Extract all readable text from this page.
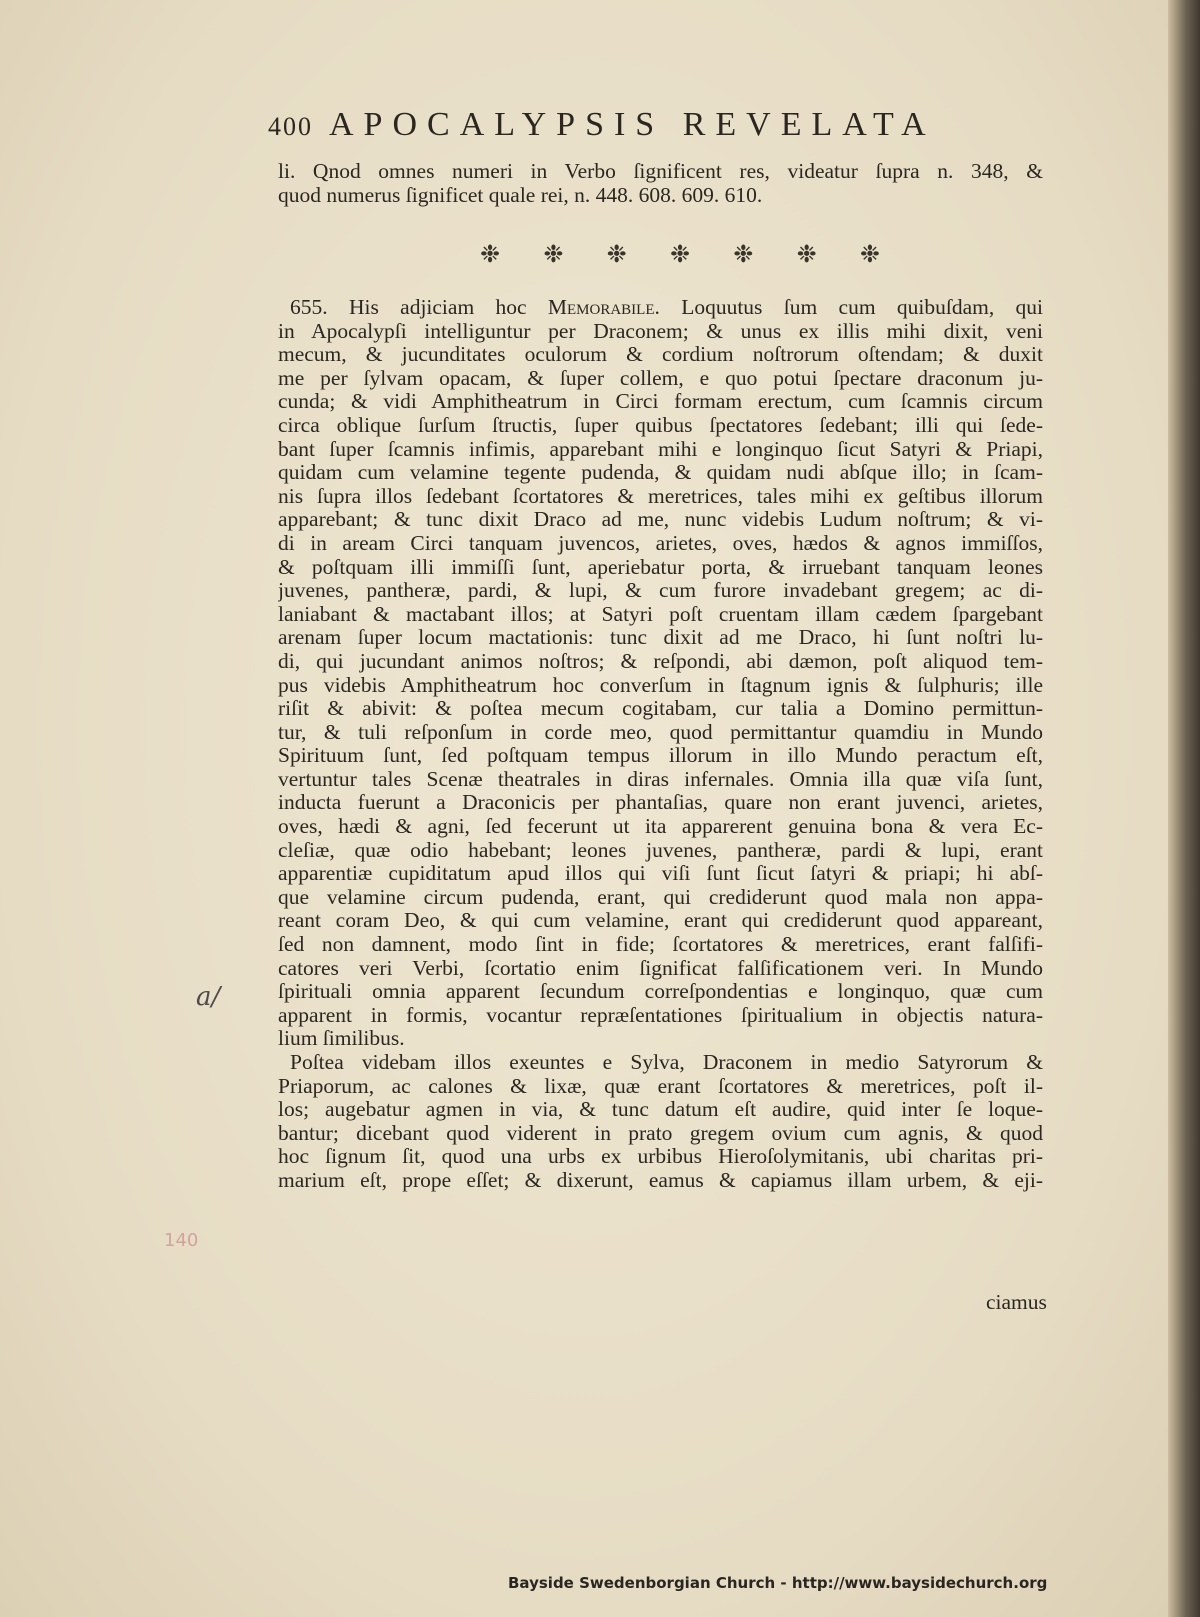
400 APOCALYPSIS REVELATA
li. Qnod omnes numeri in Verbo ſignificent res, videatur ſupra n. 348, &
quod numerus ſignificet quale rei, n. 448. 608. 609. 610.
❉ ❉ ❉ ❉ ❉ ❉ ❉
655. His adjiciam hoc Memorabile. Loquutus ſum cum quibuſdam, qui
in Apocalypſi intelliguntur per Draconem; & unus ex illis mihi dixit, veni
mecum, & jucunditates oculorum & cordium noſtrorum oſtendam; & duxit
me per ſylvam opacam, & ſuper collem, e quo potui ſpectare draconum ju-
cunda; & vidi Amphitheatrum in Circi formam erectum, cum ſcamnis circum
circa oblique ſurſum ſtructis, ſuper quibus ſpectatores ſedebant; illi qui ſede-
bant ſuper ſcamnis infimis, apparebant mihi e longinquo ſicut Satyri & Priapi,
quidam cum velamine tegente pudenda, & quidam nudi abſque illo; in ſcam-
nis ſupra illos ſedebant ſcortatores & meretrices, tales mihi ex geſtibus illorum
apparebant; & tunc dixit Draco ad me, nunc videbis Ludum noſtrum; & vi-
di in aream Circi tanquam juvencos, arietes, oves, hædos & agnos immiſſos,
& poſtquam illi immiſſi ſunt, aperiebatur porta, & irruebant tanquam leones
juvenes, pantheræ, pardi, & lupi, & cum furore invadebant gregem; ac di-
laniabant & mactabant illos; at Satyri poſt cruentam illam cædem ſpargebant
arenam ſuper locum mactationis: tunc dixit ad me Draco, hi ſunt noſtri lu-
di, qui jucundant animos noſtros; & reſpondi, abi dæmon, poſt aliquod tem-
pus videbis Amphitheatrum hoc converſum in ſtagnum ignis & ſulphuris; ille
riſit & abivit: & poſtea mecum cogitabam, cur talia a Domino permittun-
tur, & tuli reſponſum in corde meo, quod permittantur quamdiu in Mundo
Spirituum ſunt, ſed poſtquam tempus illorum in illo Mundo peractum eſt,
vertuntur tales Scenæ theatrales in diras infernales. Omnia illa quæ viſa ſunt,
inducta fuerunt a Draconicis per phantaſias, quare non erant juvenci, arietes,
oves, hædi & agni, ſed fecerunt ut ita apparerent genuina bona & vera Ec-
cleſiæ, quæ odio habebant; leones juvenes, pantheræ, pardi & lupi, erant
apparentiæ cupiditatum apud illos qui viſi ſunt ſicut ſatyri & priapi; hi abſ-
que velamine circum pudenda, erant, qui crediderunt quod mala non appa-
reant coram Deo, & qui cum velamine, erant qui crediderunt quod appareant,
ſed non damnent, modo ſint in fide; ſcortatores & meretrices, erant falſifi-
catores veri Verbi, ſcortatio enim ſignificat falſificationem veri. In Mundo
ſpirituali omnia apparent ſecundum correſpondentias e longinquo, quæ cum
apparent in formis, vocantur repræſentationes ſpiritualium in objectis natura-
lium ſimilibus.
Poſtea videbam illos exeuntes e Sylva, Draconem in medio Satyrorum &
Priaporum, ac calones & lixæ, quæ erant ſcortatores & meretrices, poſt il-
los; augebatur agmen in via, & tunc datum eſt audire, quid inter ſe loque-
bantur; dicebant quod viderent in prato gregem ovium cum agnis, & quod
hoc ſignum ſit, quod una urbs ex urbibus Hieroſolymitanis, ubi charitas pri-
marium eſt, prope eſſet; & dixerunt, eamus & capiamus illam urbem, & eji-
ciamus
a/
140
Bayside Swedenborgian Church - http://www.baysidechurch.org
